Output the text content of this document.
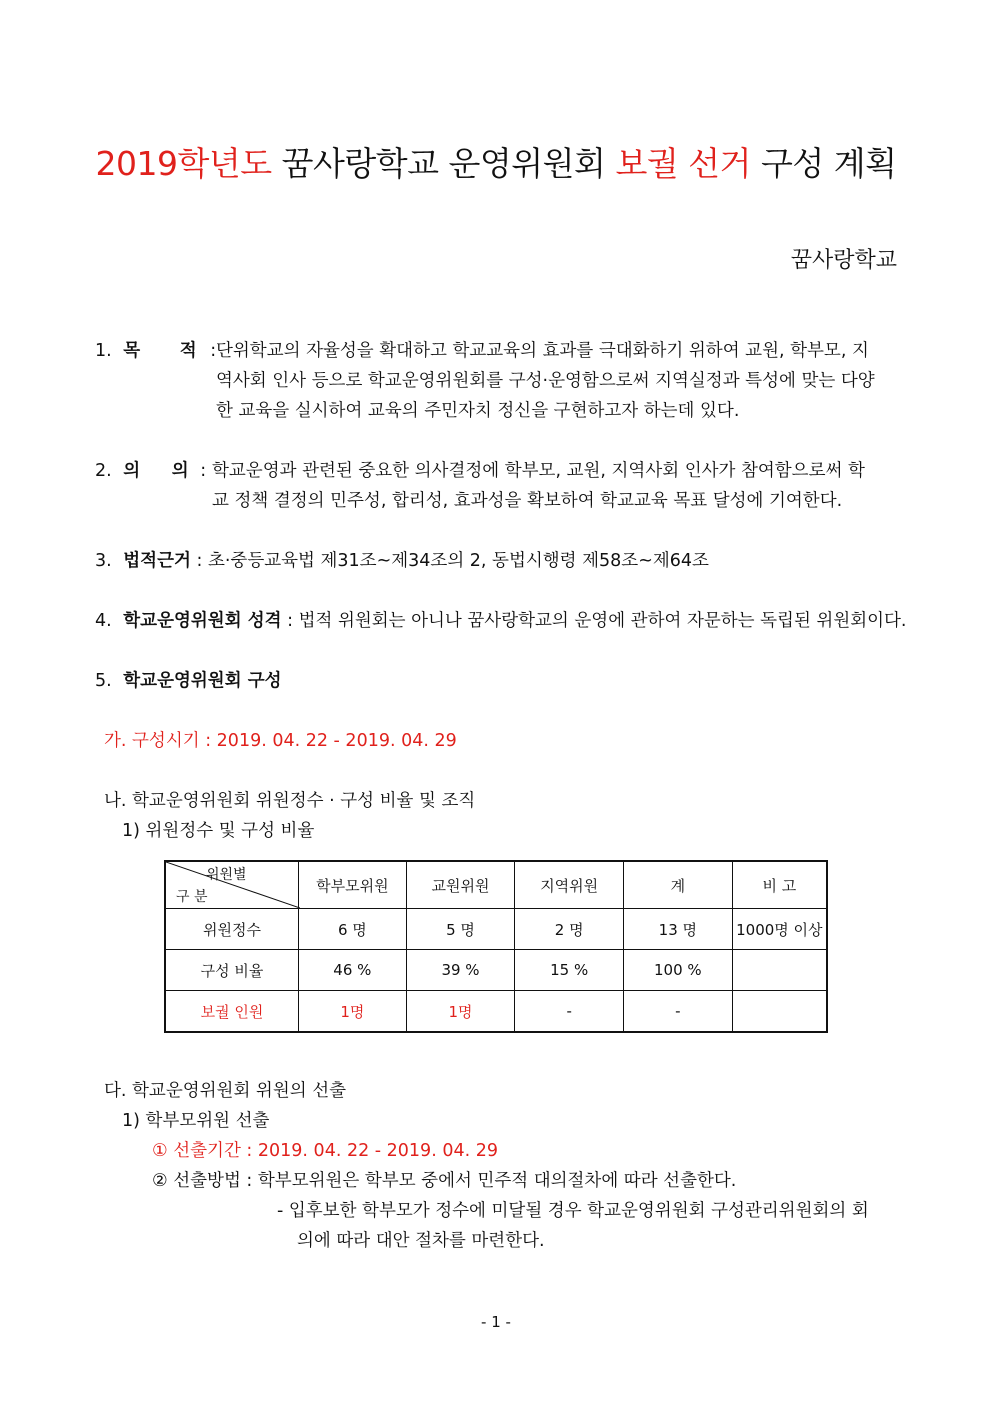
2019학년도 꿈사랑학교 운영위원회 보궐 선거 구성 계획
꿈사랑학교
1. 목 적 : 단위학교의 자율성을 확대하고 학교교육의 효과를 극대화하기 위하여 교원, 학부모, 지
역사회 인사 등으로 학교운영위원회를 구성·운영함으로써 지역실정과 특성에 맞는 다양
한 교육을 실시하여 교육의 주민자치 정신을 구현하고자 하는데 있다.
2. 의 의 : 학교운영과 관련된 중요한 의사결정에 학부모, 교원, 지역사회 인사가 참여함으로써 학
교 정책 결정의 민주성, 합리성, 효과성을 확보하여 학교교육 목표 달성에 기여한다.
3. 법적근거 : 초·중등교육법 제31조~제34조의 2, 동법시행령 제58조~제64조
4. 학교운영위원회 성격 : 법적 위원회는 아니나 꿈사랑학교의 운영에 관하여 자문하는 독립된 위원회이다.
5. 학교운영위원회 구성
가. 구성시기 : 2019. 04. 22 - 2019. 04. 29
나. 학교운영위원회 위원정수 · 구성 비율 및 조직
1) 위원정수 및 구성 비율
위원별
구 분	학부모위원	교원위원	지역위원	계	비 고
위원정수	6 명	5 명	2 명	13 명	1000명 이상
구성 비율	46 %	39 %	15 %	100 %	
보궐 인원	1명	1명	-	-	
다. 학교운영위원회 위원의 선출
1) 학부모위원 선출
① 선출기간 : 2019. 04. 22 - 2019. 04. 29
② 선출방법 : 학부모위원은 학부모 중에서 민주적 대의절차에 따라 선출한다.
- 입후보한 학부모가 정수에 미달될 경우 학교운영위원회 구성관리위원회의 회
의에 따라 대안 절차를 마련한다.
- 1 -
